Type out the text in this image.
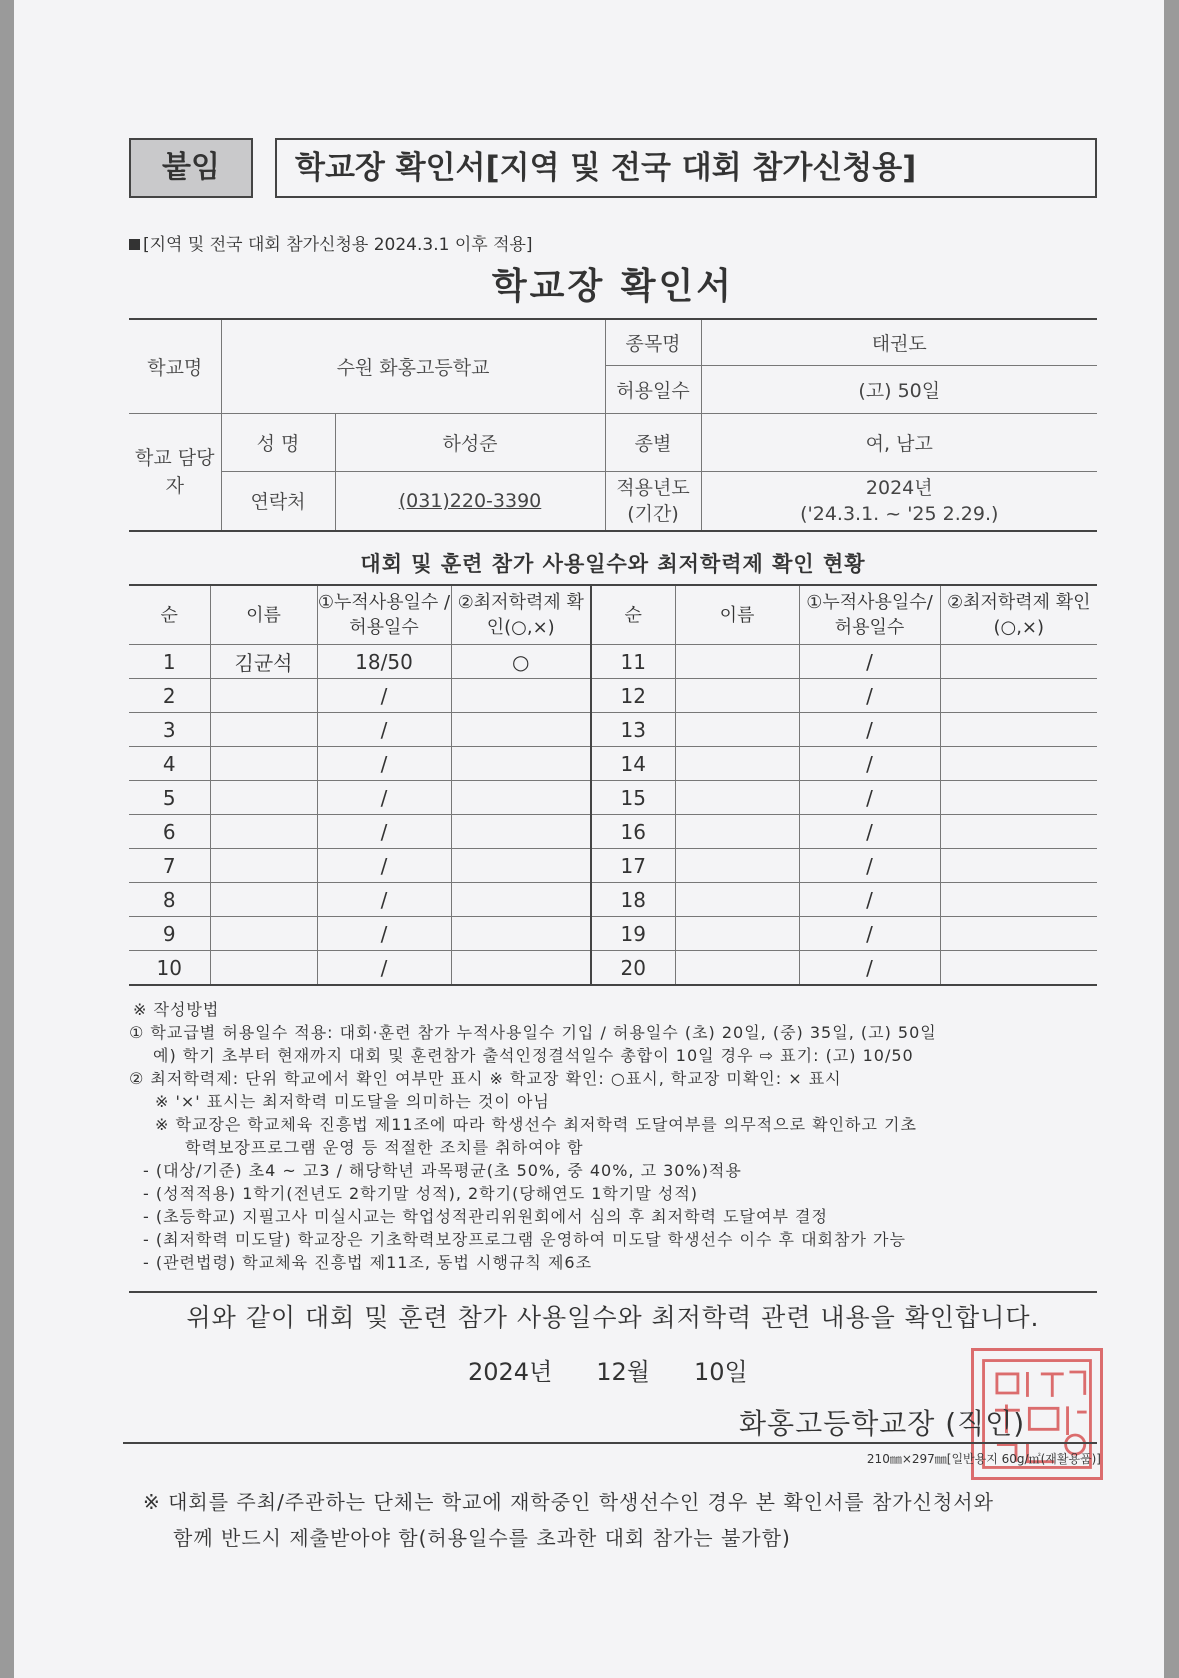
붙임	학교장 확인서[지역 및 전국 대회 참가신청용]
[지역 및 전국 대회 참가신청용 2024.3.1 이후 적용]
학교장 확인서
학교명	수원 화홍고등학교		종목명	태권도
			허용일수	(고) 50일
학교 담당자	성 명	하성준	종별	여, 남고
	연락처	(031)220-3390	적용년도 (기간)	2024년
('24.3.1. ~ '25 2.29.)
대회 및 훈련 참가 사용일수와 최저학력제 확인 현황
순	이름	①누적사용일수 /허용일수	②최저학력제 확인(○,×)	순	이름	①누적사용일수/ 허용일수	②최저학력제 확인(○,×)
1	김균석	18/50	○	11		/	
2		/		12		/	
3		/		13		/	
4		/		14		/	
5		/		15		/	
6		/		16		/	
7		/		17		/	
8		/		18		/	
9		/		19		/	
10		/		20		/	
※ 작성방법
① 학교급별 허용일수 적용: 대회·훈련 참가 누적사용일수 기입 / 허용일수 (초) 20일, (중) 35일, (고) 50일
예) 학기 초부터 현재까지 대회 및 훈련참가 출석인정결석일수 총합이 10일 경우 ⇨ 표기: (고) 10/50
② 최저학력제: 단위 학교에서 확인 여부만 표시 ※ 학교장 확인: ○표시, 학교장 미확인: × 표시
※ '×' 표시는 최저학력 미도달을 의미하는 것이 아님
※ 학교장은 학교체육 진흥법 제11조에 따라 학생선수 최저학력 도달여부를 의무적으로 확인하고 기초
학력보장프로그램 운영 등 적절한 조치를 취하여야 함
- (대상/기준) 초4 ~ 고3 / 해당학년 과목평균(초 50%, 중 40%, 고 30%)적용
- (성적적용) 1학기(전년도 2학기말 성적), 2학기(당해연도 1학기말 성적)
- (초등학교) 지필고사 미실시교는 학업성적관리위원회에서 심의 후 최저학력 도달여부 결정
- (최저학력 미도달) 학교장은 기초학력보장프로그램 운영하여 미도달 학생선수 이수 후 대회참가 가능
- (관련법령) 학교체육 진흥법 제11조, 동법 시행규칙 제6조
위와 같이 대회 및 훈련 참가 사용일수와 최저학력 관련 내용을 확인합니다.
2024년 12월 10일
화홍고등학교장 (직인)
210㎜×297㎜[일반용지 60g/㎡(재활용품)]
※ 대회를 주최/주관하는 단체는 학교에 재학중인 학생선수인 경우 본 확인서를 참가신청서와
함께 반드시 제출받아야 함(허용일수를 초과한 대회 참가는 불가함)
